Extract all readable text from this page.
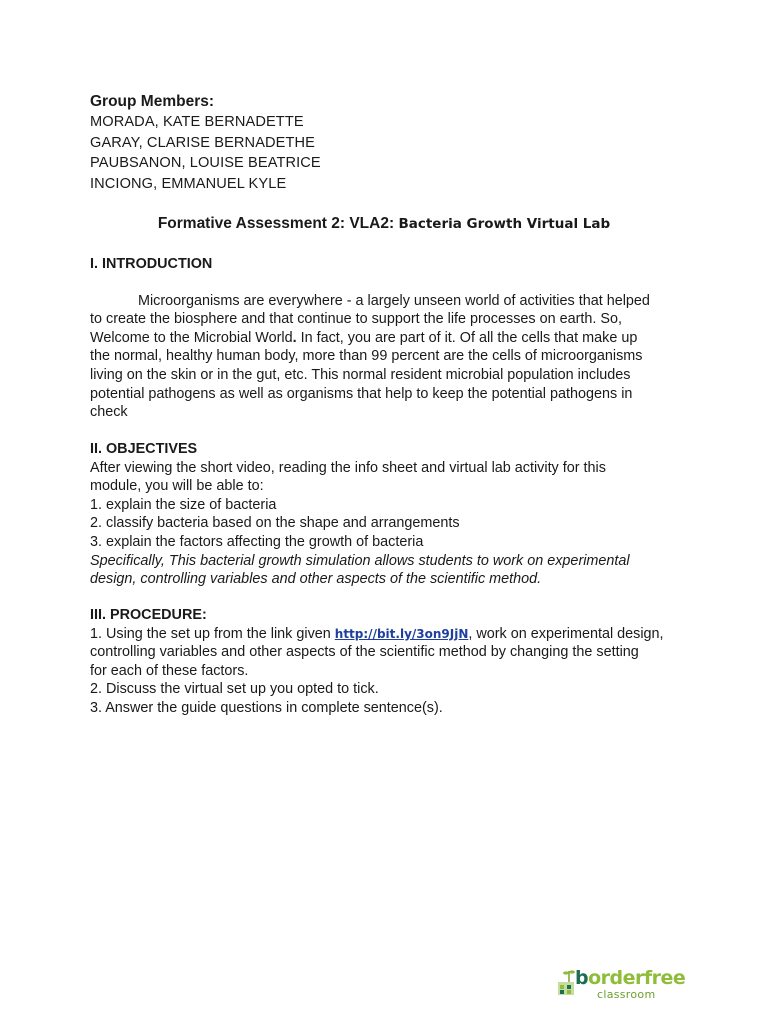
Group Members:
MORADA, KATE BERNADETTE
GARAY, CLARISE BERNADETHE
PAUBSANON, LOUISE BEATRICE
INCIONG, EMMANUEL KYLE
Formative Assessment 2: VLA2: Bacteria Growth Virtual Lab
I. INTRODUCTION
Microorganisms are everywhere - a largely unseen world of activities that helped
to create the biosphere and that continue to support the life processes on earth. So,
Welcome to the Microbial World. In fact, you are part of it. Of all the cells that make up
the normal, healthy human body, more than 99 percent are the cells of microorganisms
living on the skin or in the gut, etc. This normal resident microbial population includes
potential pathogens as well as organisms that help to keep the potential pathogens in
check
II. OBJECTIVES
After viewing the short video, reading the info sheet and virtual lab activity for this
module, you will be able to:
1. explain the size of bacteria
2. classify bacteria based on the shape and arrangements
3. explain the factors affecting the growth of bacteria
Specifically, This bacterial growth simulation allows students to work on experimental
design, controlling variables and other aspects of the scientific method.
III. PROCEDURE:
1. Using the set up from the link given http://bit.ly/3on9JjN, work on experimental design,
controlling variables and other aspects of the scientific method by changing the setting
for each of these factors.
2. Discuss the virtual set up you opted to tick.
3. Answer the guide questions in complete sentence(s).
borderfree
classroom
